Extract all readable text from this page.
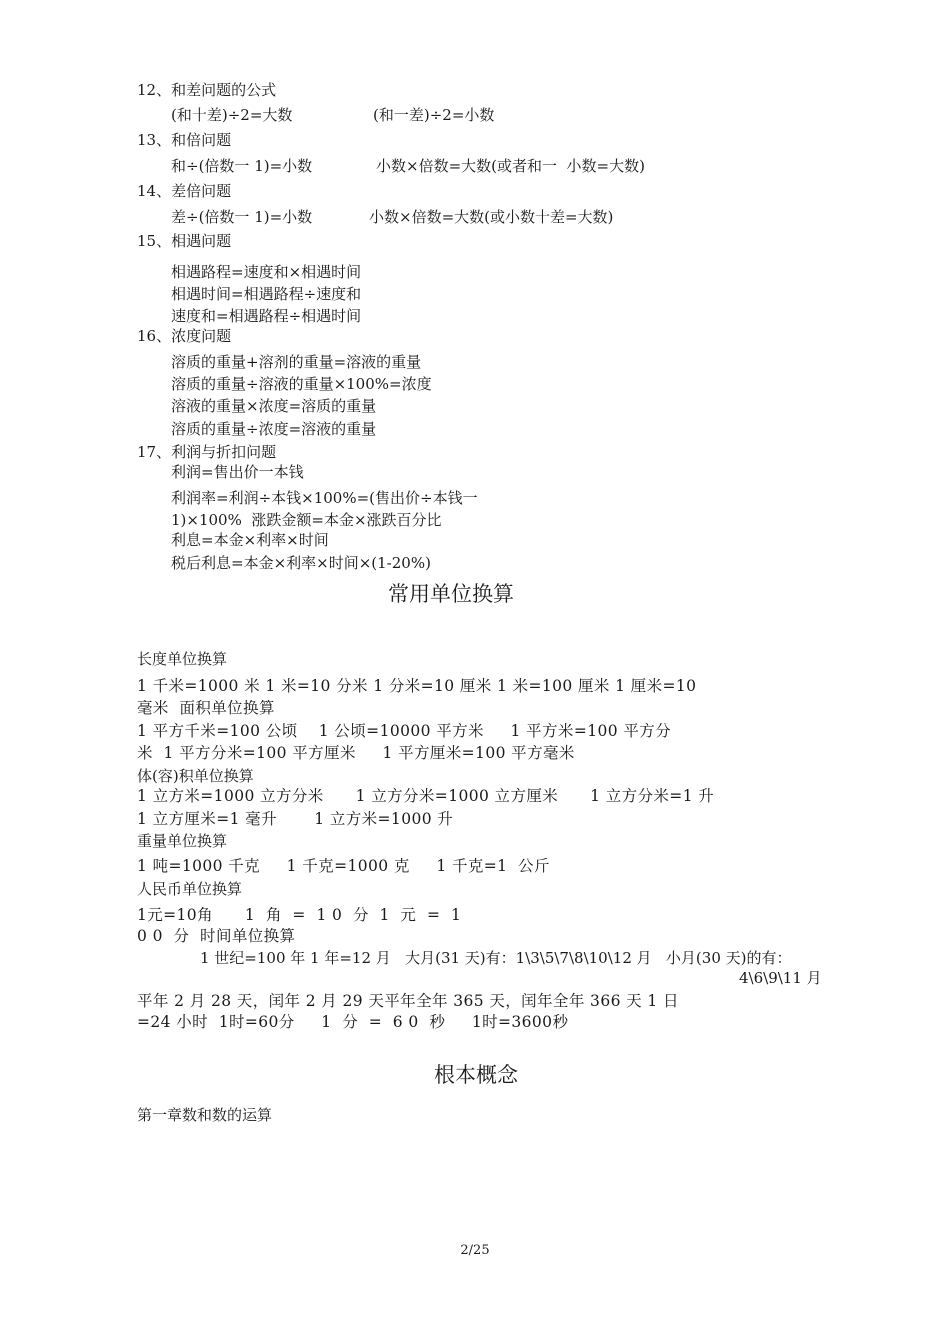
12、和差问题的公式
(和十差)÷2=大数	(和一差)÷2=小数
13、和倍问题
和÷(倍数一 1)=小数	小数×倍数=大数(或者和一  小数=大数)
14、差倍问题
差÷(倍数一 1)=小数	小数×倍数=大数(或小数十差=大数)
15、相遇问题
相遇路程=速度和×相遇时间
相遇时间=相遇路程÷速度和
速度和=相遇路程÷相遇时间
16、浓度问题
溶质的重量+溶剂的重量=溶液的重量
溶质的重量÷溶液的重量×100%=浓度
溶液的重量×浓度=溶质的重量
溶质的重量÷浓度=溶液的重量
17、利润与折扣问题
利润=售出价一本钱
利润率=利润÷本钱×100%=(售出价÷本钱一
1)×100%  涨跌金额=本金×涨跌百分比
利息=本金×利率×时间
税后利息=本金×利率×时间×(1-20%)
常用单位换算
长度单位换算
1 千米=1000 米 1 米=10 分米 1 分米=10 厘米 1 米=100 厘米 1 厘米=10
毫米  面积单位换算
1 平方千米=100 公顷    1 公顷=10000 平方米     1 平方米=100 平方分
米  1 平方分米=100 平方厘米     1 平方厘米=100 平方毫米
体(容)积单位换算
1 立方米=1000 立方分米      1 立方分米=1000 立方厘米      1 立方分米=1 升
1 立方厘米=1 毫升       1 立方米=1000 升
重量单位换算
1 吨=1000 千克     1 千克=1000 克     1 千克=1  公斤
人民币单位换算
1元=10角      1  角  =  1 0  分  1  元  =  1
0 0  分  时间单位换算
1 世纪=100 年 1 年=12 月   大月(31 天)有：1\3\5\7\8\10\12 月   小月(30 天)的有：
4\6\9\11 月
平年 2 月 28 天，闰年 2 月 29 天平年全年 365 天，闰年全年 366 天 1 日
=24 小时  1时=60分     1  分  =  6 0  秒     1时=3600秒
根本概念
第一章数和数的运算
2/25
